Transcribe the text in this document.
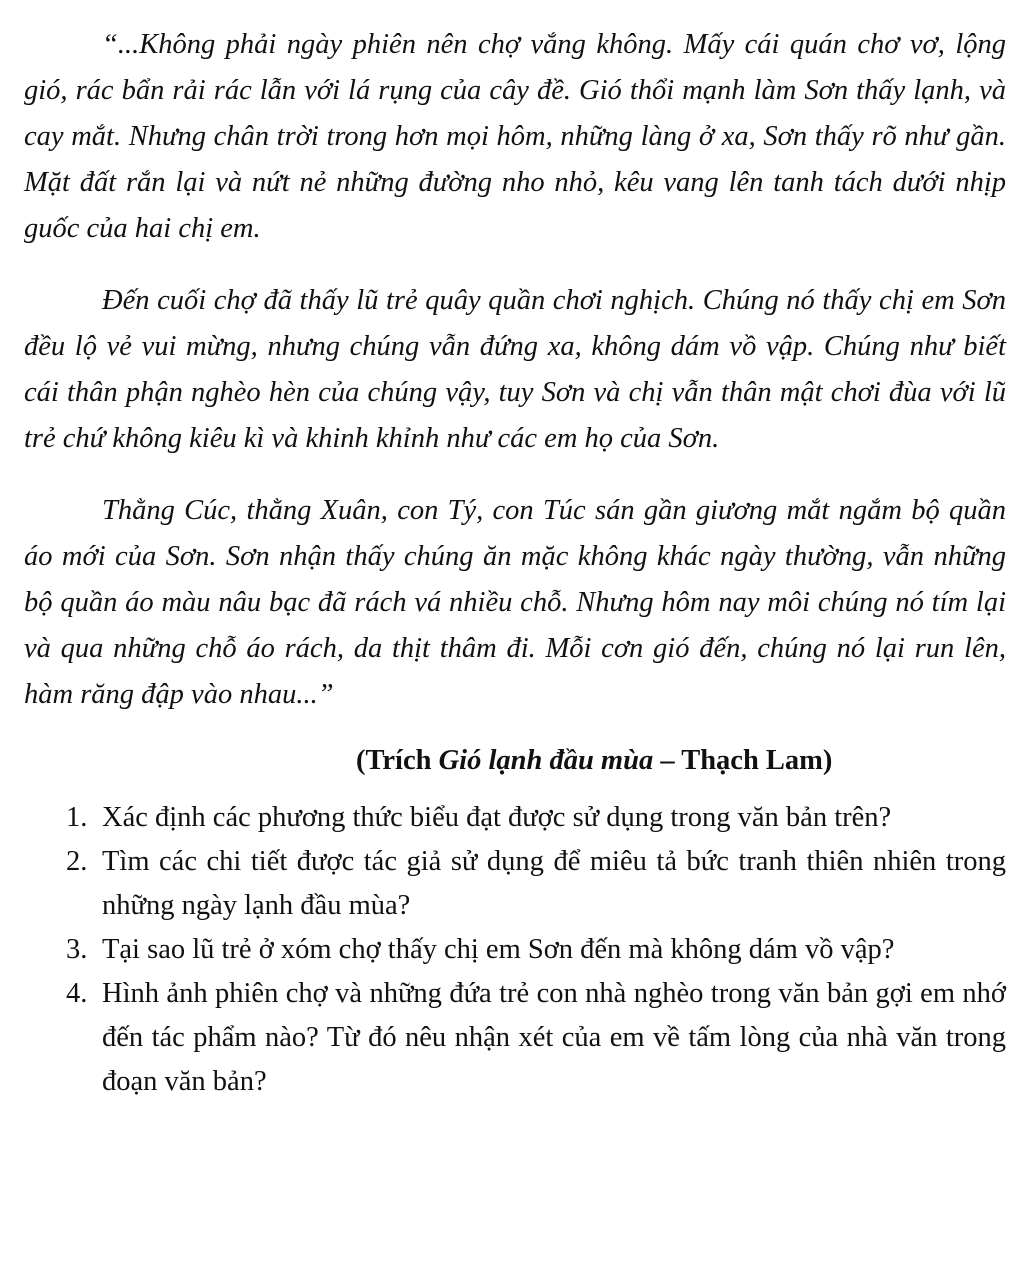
“...Không phải ngày phiên nên chợ vắng không. Mấy cái quán chơ vơ, lộng gió, rác bẩn rải rác lẫn với lá rụng của cây đề. Gió thổi mạnh làm Sơn thấy lạnh, và cay mắt. Nhưng chân trời trong hơn mọi hôm, những làng ở xa, Sơn thấy rõ như gần. Mặt đất rắn lại và nứt nẻ những đường nho nhỏ, kêu vang lên tanh tách dưới nhịp guốc của hai chị em.

Đến cuối chợ đã thấy lũ trẻ quây quần chơi nghịch. Chúng nó thấy chị em Sơn đều lộ vẻ vui mừng, nhưng chúng vẫn đứng xa, không dám vồ vập. Chúng như biết cái thân phận nghèo hèn của chúng vậy, tuy Sơn và chị vẫn thân mật chơi đùa với lũ trẻ chứ không kiêu kì và khinh khỉnh như các em họ của Sơn.

Thằng Cúc, thằng Xuân, con Tý, con Túc sán gần giương mắt ngắm bộ quần áo mới của Sơn. Sơn nhận thấy chúng ăn mặc không khác ngày thường, vẫn những bộ quần áo màu nâu bạc đã rách vá nhiều chỗ. Nhưng hôm nay môi chúng nó tím lại và qua những chỗ áo rách, da thịt thâm đi. Mỗi cơn gió đến, chúng nó lại run lên, hàm răng đập vào nhau...”

(Trích Gió lạnh đầu mùa – Thạch Lam)
1. Xác định các phương thức biểu đạt được sử dụng trong văn bản trên?
2. Tìm các chi tiết được tác giả sử dụng để miêu tả bức tranh thiên nhiên trong những ngày lạnh đầu mùa?
3. Tại sao lũ trẻ ở xóm chợ thấy chị em Sơn đến mà không dám vồ vập?
4. Hình ảnh phiên chợ và những đứa trẻ con nhà nghèo trong văn bản gợi em nhớ đến tác phẩm nào? Từ đó nêu nhận xét của em về tấm lòng của nhà văn trong đoạn văn bản?
